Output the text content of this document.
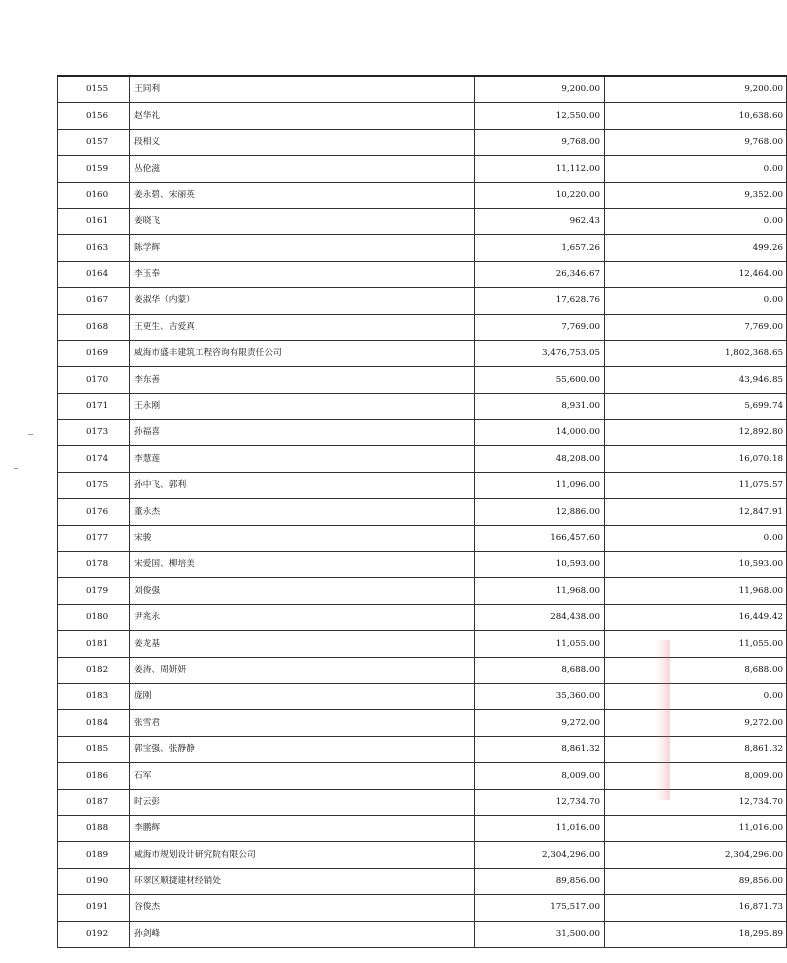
0155	王同利	9,200.00	9,200.00
0156	赵华礼	12,550.00	10,638.60
0157	段相义	9,768.00	9,768.00
0159	丛伦滋	11,112.00	0.00
0160	姜永碧、宋丽英	10,220.00	9,352.00
0161	姜晓飞	962.43	0.00
0163	陈学辉	1,657.26	499.26
0164	李玉奉	26,346.67	12,464.00
0167	姜淑华（内蒙）	17,628.76	0.00
0168	王更生、吉爱真	7,769.00	7,769.00
0169	威海市盛丰建筑工程咨询有限责任公司	3,476,753.05	1,802,368.65
0170	李东善	55,600.00	43,946.85
0171	王永刚	8,931.00	5,699.74
0173	孙福喜	14,000.00	12,892.80
0174	李慧莲	48,208.00	16,070.18
0175	孙中飞、郭利	11,096.00	11,075.57
0176	董永杰	12,886.00	12,847.91
0177	宋骏	166,457.60	0.00
0178	宋爱国、柳培美	10,593.00	10,593.00
0179	刘俊强	11,968.00	11,968.00
0180	尹兆永	284,438.00	16,449.42
0181	姜龙基	11,055.00	11,055.00
0182	姜涛、周妍妍	8,688.00	8,688.00
0183	庞刚	35,360.00	0.00
0184	张雪君	9,272.00	9,272.00
0185	郭宝强、张静静	8,861.32	8,861.32
0186	石军	8,009.00	8,009.00
0187	时云彭	12,734.70	12,734.70
0188	李鹏辉	11,016.00	11,016.00
0189	威海市规划设计研究院有限公司	2,304,296.00	2,304,296.00
0190	环翠区顺捷建材经销处	89,856.00	89,856.00
0191	谷俊杰	175,517.00	16,871.73
0192	孙剑峰	31,500.00	18,295.89
